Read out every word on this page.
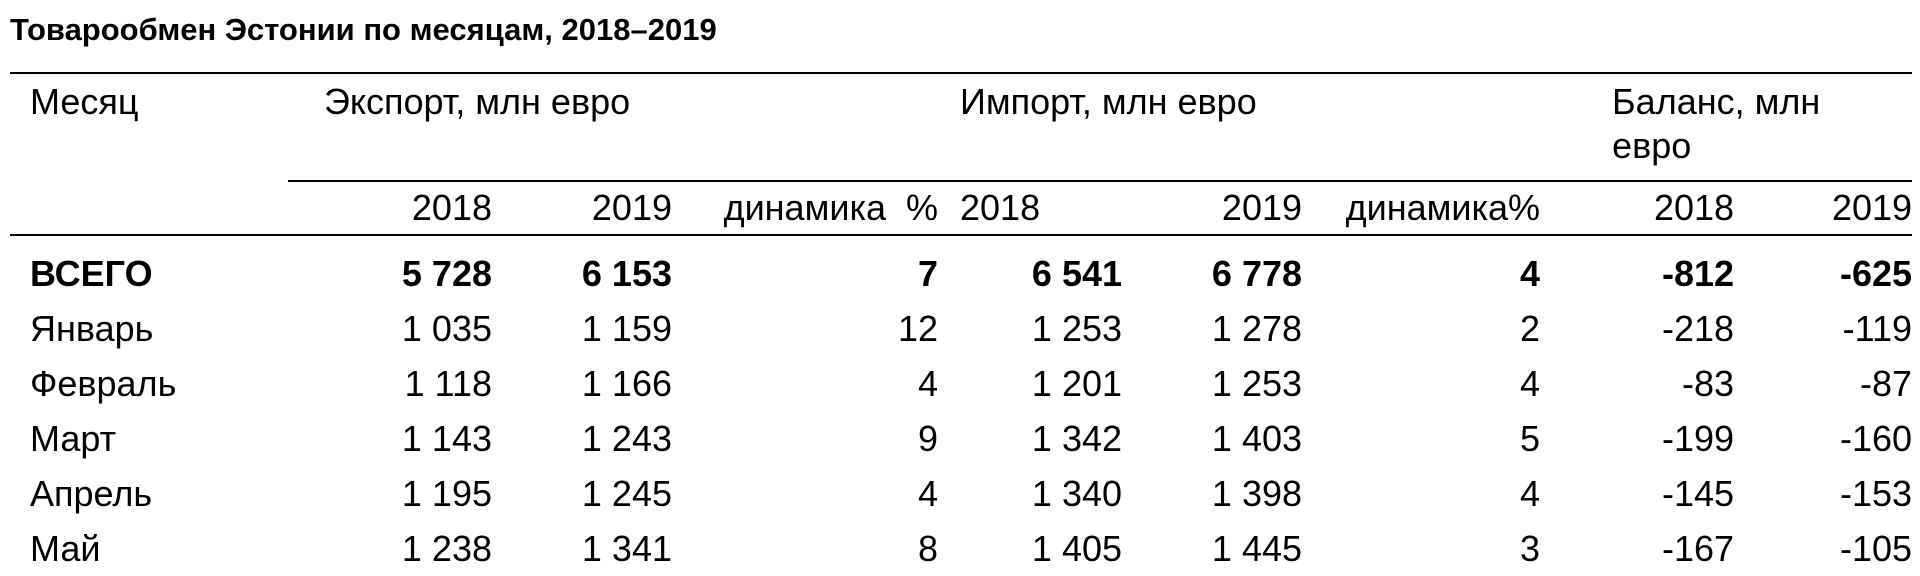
Товарообмен Эстонии по месяцам, 2018–2019
Месяц	Экспорт, млн евро			Импорт, млн евро			Баланс, млн евро	
	2018	2019	динамика  %	2018	2019	динамика%	2018	2019
ВСЕГО	5 728	6 153	7	6 541	6 778	4	-812	-625
Январь	1 035	1 159	12	1 253	1 278	2	-218	-119
Февраль	1 118	1 166	4	1 201	1 253	4	-83	-87
Март	1 143	1 243	9	1 342	1 403	5	-199	-160
Апрель	1 195	1 245	4	1 340	1 398	4	-145	-153
Май	1 238	1 341	8	1 405	1 445	3	-167	-105
